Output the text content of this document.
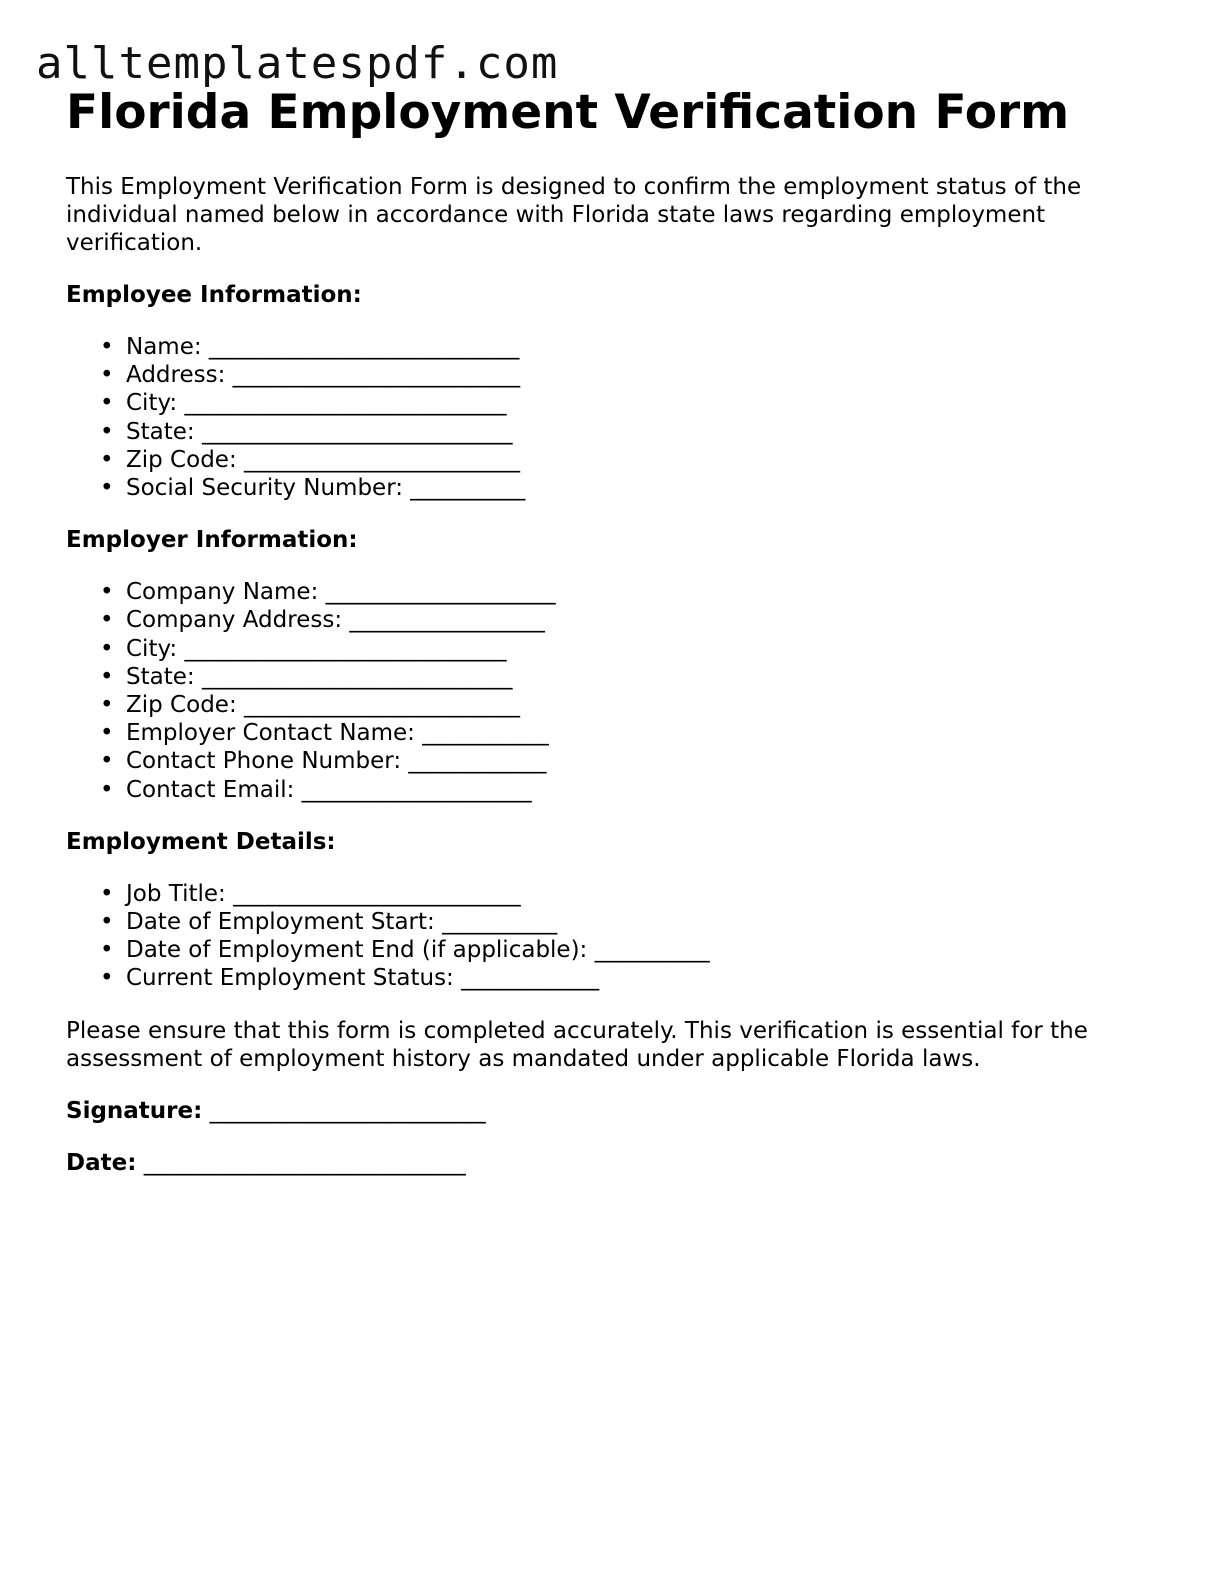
alltemplatespdf.com
Florida Employment Verification Form

This Employment Verification Form is designed to confirm the employment status of the individual named below in accordance with Florida state laws regarding employment verification.

Employee Information:
• Name: ___________________________
• Address: _________________________
• City: ____________________________
• State: ___________________________
• Zip Code: ________________________
• Social Security Number: __________
Employer Information:
• Company Name: ____________________
• Company Address: _________________
• City: ____________________________
• State: ___________________________
• Zip Code: ________________________
• Employer Contact Name: ___________
• Contact Phone Number: ____________
• Contact Email: ____________________
Employment Details:
• Job Title: _________________________
• Date of Employment Start: __________
• Date of Employment End (if applicable): __________
• Current Employment Status: ____________

Please ensure that this form is completed accurately. This verification is essential for the assessment of employment history as mandated under applicable Florida laws.

Signature: ________________________
Date: ____________________________
